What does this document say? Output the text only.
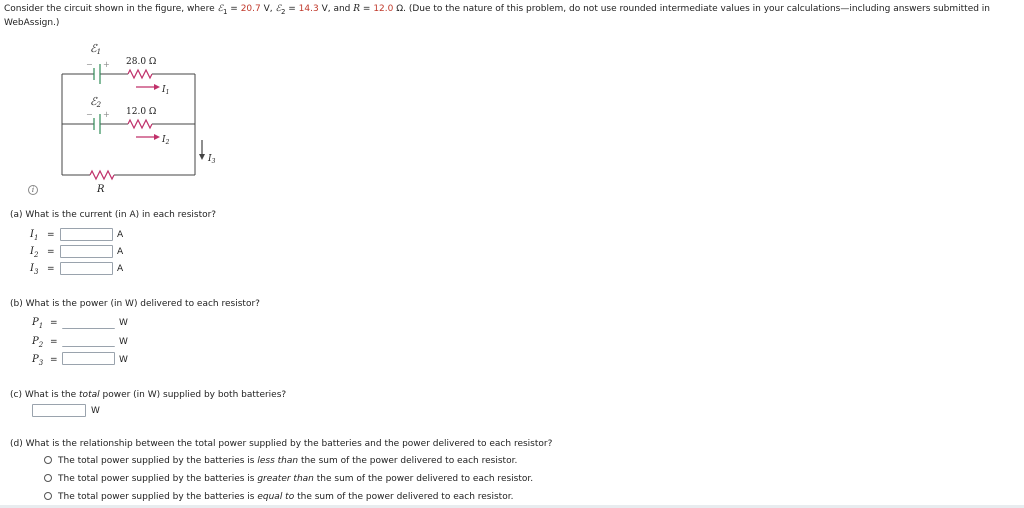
Consider the circuit shown in the figure, where ℰ$_1$ = 20.7 V, ℰ$_2$ = 14.3 V, and R = 12.0 Ω. (Due to the nature of this problem, do not use rounded intermediate values in your calculations—including answers submitted in
WebAssign.)
ℰ1
ℰ2
− +
− +
28.0 Ω
12.0 Ω
$I_1$
$I_2$
$I_3$
R
i
(a) What is the current (in A) in each resistor?
$I_1$ =	A
$I_2$ =	A
$I_3$ =	A
(b) What is the power (in W) delivered to each resistor?
$P_1$ =	W
$P_2$ =	W
$P_3$ =	W
(c) What is the total power (in W) supplied by both batteries?
W
(d) What is the relationship between the total power supplied by the batteries and the power delivered to each resistor?
The total power supplied by the batteries is less than the sum of the power delivered to each resistor.
The total power supplied by the batteries is greater than the sum of the power delivered to each resistor.
The total power supplied by the batteries is equal to the sum of the power delivered to each resistor.
